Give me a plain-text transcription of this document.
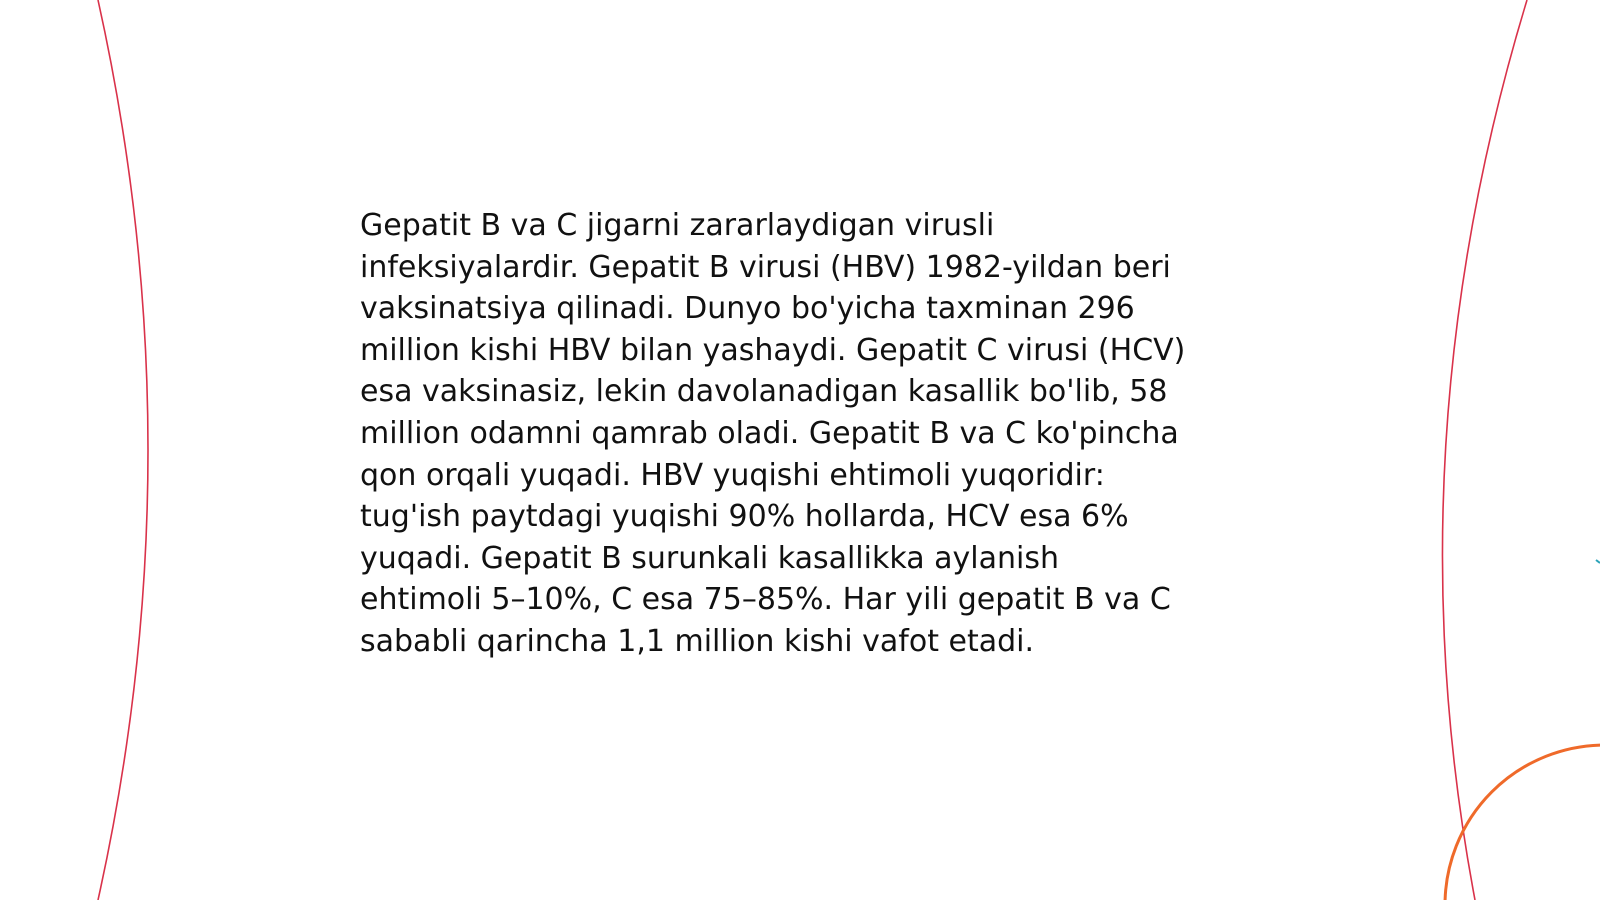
Gepatit B va C jigarni zararlaydigan virusli
infeksiyalardir. Gepatit B virusi (HBV) 1982-yildan beri
vaksinatsiya qilinadi. Dunyo bo'yicha taxminan 296
million kishi HBV bilan yashaydi. Gepatit C virusi (HCV)
esa vaksinasiz, lekin davolanadigan kasallik bo'lib, 58
million odamni qamrab oladi. Gepatit B va C ko'pincha
qon orqali yuqadi. HBV yuqishi ehtimoli yuqoridir:
tug'ish paytdagi yuqishi 90% hollarda, HCV esa 6%
yuqadi. Gepatit B surunkali kasallikka aylanish
ehtimoli 5–10%, C esa 75–85%. Har yili gepatit B va C
sababli qarincha 1,1 million kishi vafot etadi.
